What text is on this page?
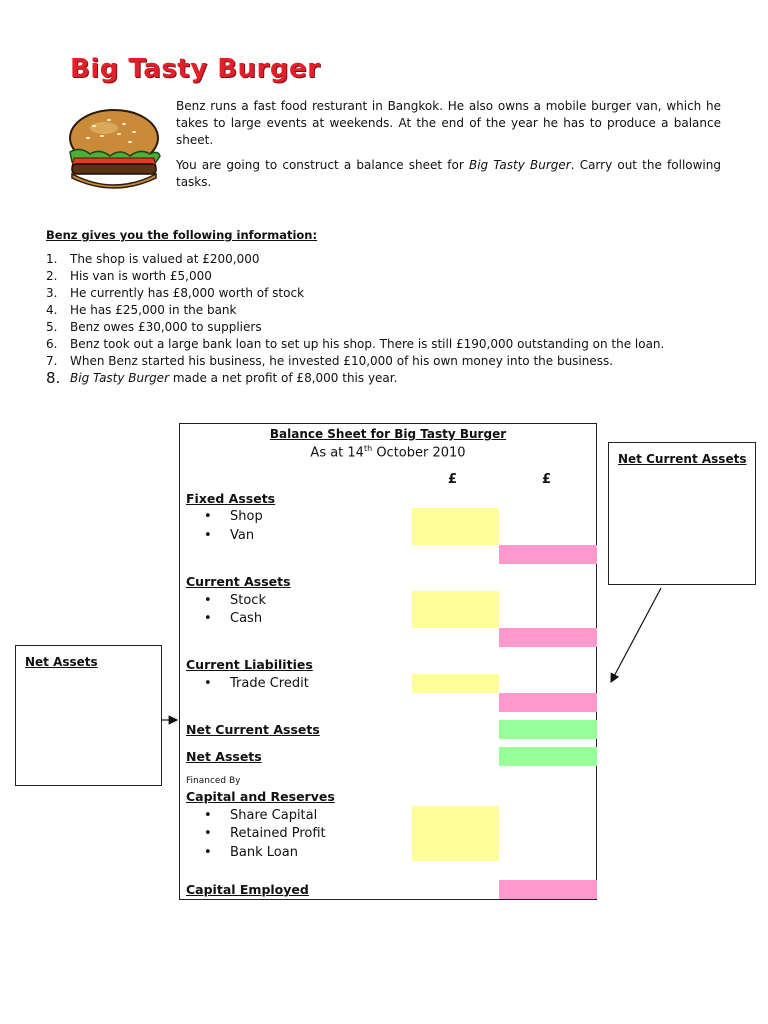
Big Tasty Burger

Benz runs a fast food resturant in Bangkok. He also owns a mobile burger van, which he takes to large events at weekends. At the end of the year he has to produce a balance sheet.

You are going to construct a balance sheet for Big Tasty Burger. Carry out the following tasks.

Benz gives you the following information:
1.	The shop is valued at £200,000
2.	His van is worth £5,000
3.	He currently has £8,000 worth of stock
4.	He has £25,000 in the bank
5.	Benz owes £30,000 to suppliers
6.	Benz took out a large bank loan to set up his shop. There is still £190,000 outstanding on the loan.
7.	When Benz started his business, he invested £10,000 of his own money into the business.
8. Big Tasty Burger made a net profit of £8,000 this year.
Balance Sheet for Big Tasty Burger
As at 14th October 2010
£	£
Fixed Assets
•	Shop
•	Van
Current Assets
•	Stock
•	Cash
Current Liabilities
•	Trade Credit
Net Current Assets
Net Assets
Financed By
Capital and Reserves
•	Share Capital
•	Retained Profit
•	Bank Loan
Capital Employed
Net Assets
Net Current Assets
